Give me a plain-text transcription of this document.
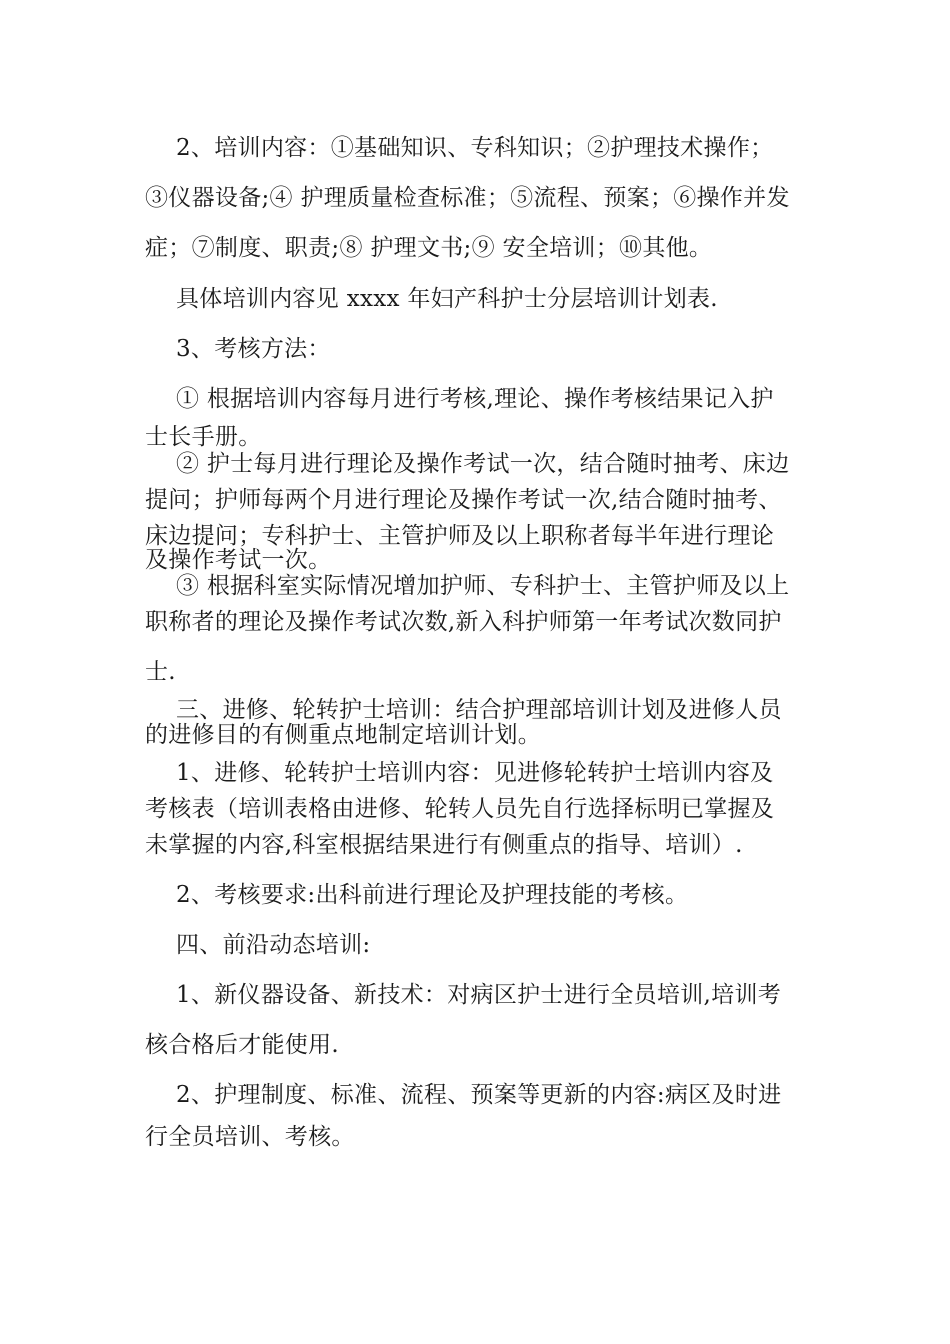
2、培训内容：①基础知识、专科知识；②护理技术操作；
③仪器设备;④ 护理质量检查标准；⑤流程、预案；⑥操作并发
症；⑦制度、职责;⑧ 护理文书;⑨ 安全培训；⑩其他。
具体培训内容见 xxxx 年妇产科护士分层培训计划表.
3、考核方法：
① 根据培训内容每月进行考核,理论、操作考核结果记入护
士长手册。
② 护士每月进行理论及操作考试一次，结合随时抽考、床边
提问；护师每两个月进行理论及操作考试一次,结合随时抽考、
床边提问；专科护士、主管护师及以上职称者每半年进行理论
及操作考试一次。
③ 根据科室实际情况增加护师、专科护士、主管护师及以上
职称者的理论及操作考试次数,新入科护师第一年考试次数同护
士.
三、进修、轮转护士培训：结合护理部培训计划及进修人员
的进修目的有侧重点地制定培训计划。
1、进修、轮转护士培训内容：见进修轮转护士培训内容及
考核表（培训表格由进修、轮转人员先自行选择标明已掌握及
未掌握的内容,科室根据结果进行有侧重点的指导、培训）.
2、考核要求:出科前进行理论及护理技能的考核。
四、前沿动态培训:
1、新仪器设备、新技术：对病区护士进行全员培训,培训考
核合格后才能使用.
2、护理制度、标准、流程、预案等更新的内容:病区及时进
行全员培训、考核。
